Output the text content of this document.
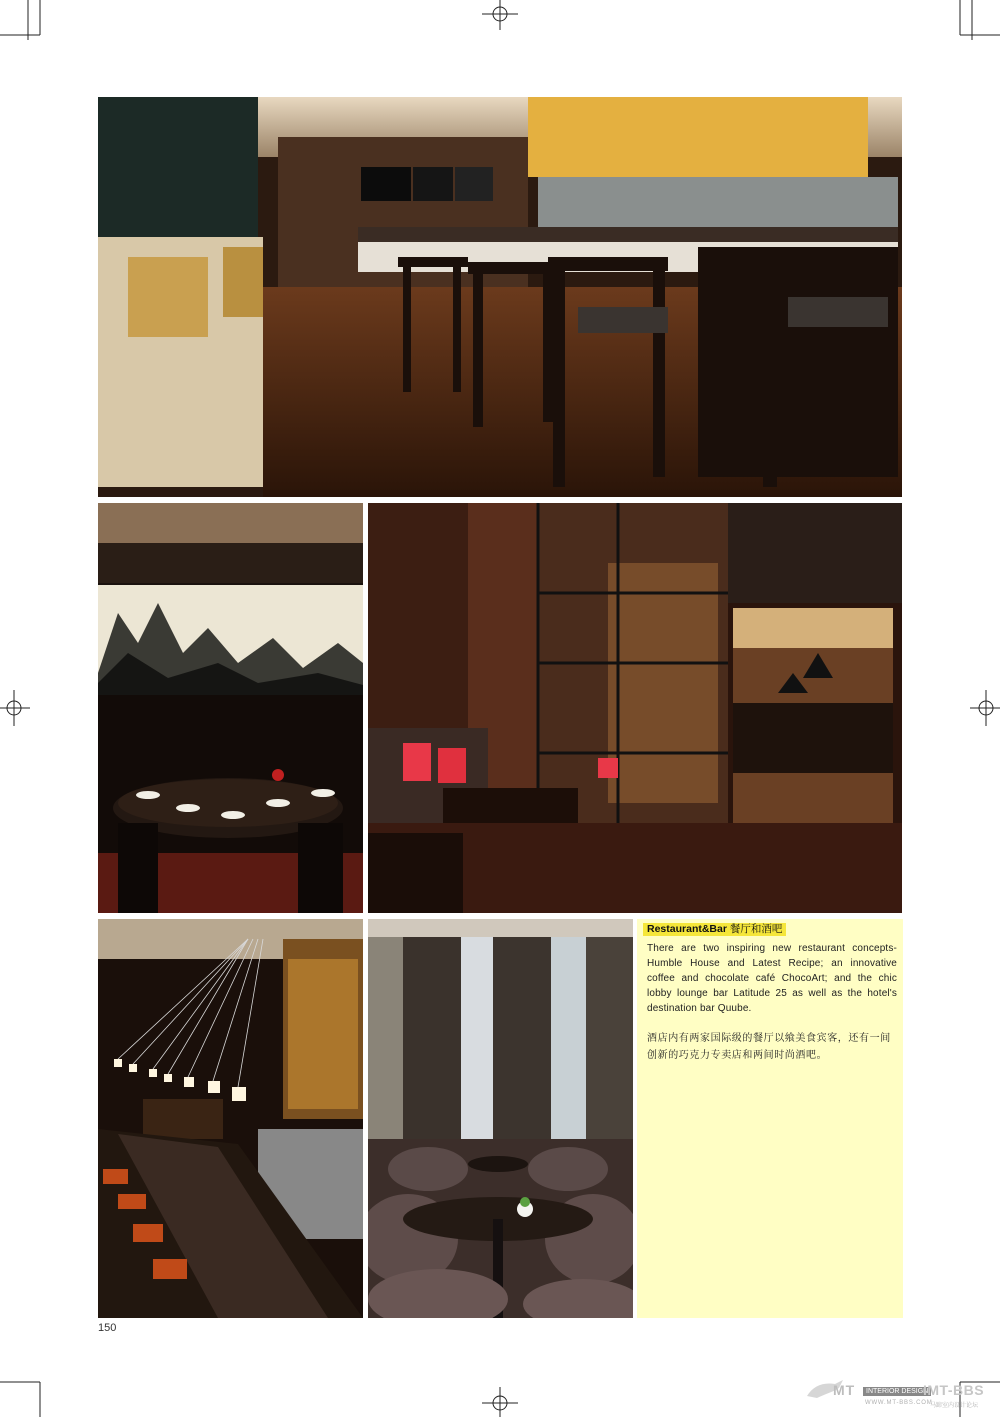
Restaurant&Bar 餐厅和酒吧
There are two inspiring new restaurant concepts- Humble House and Latest Recipe; an innovative coffee and chocolate café ChocoArt; and the chic lobby lounge bar Latitude 25 as well as the hotel's destination bar Quube.
酒店内有两家国际级的餐厅以飨美食宾客，还有一间创新的巧克力专卖店和两间时尚酒吧。
150
MT	INTERIOR DESIGN
IMT-BBS
WWW.MT-BBS.COM
马蹄室内设计论坛
